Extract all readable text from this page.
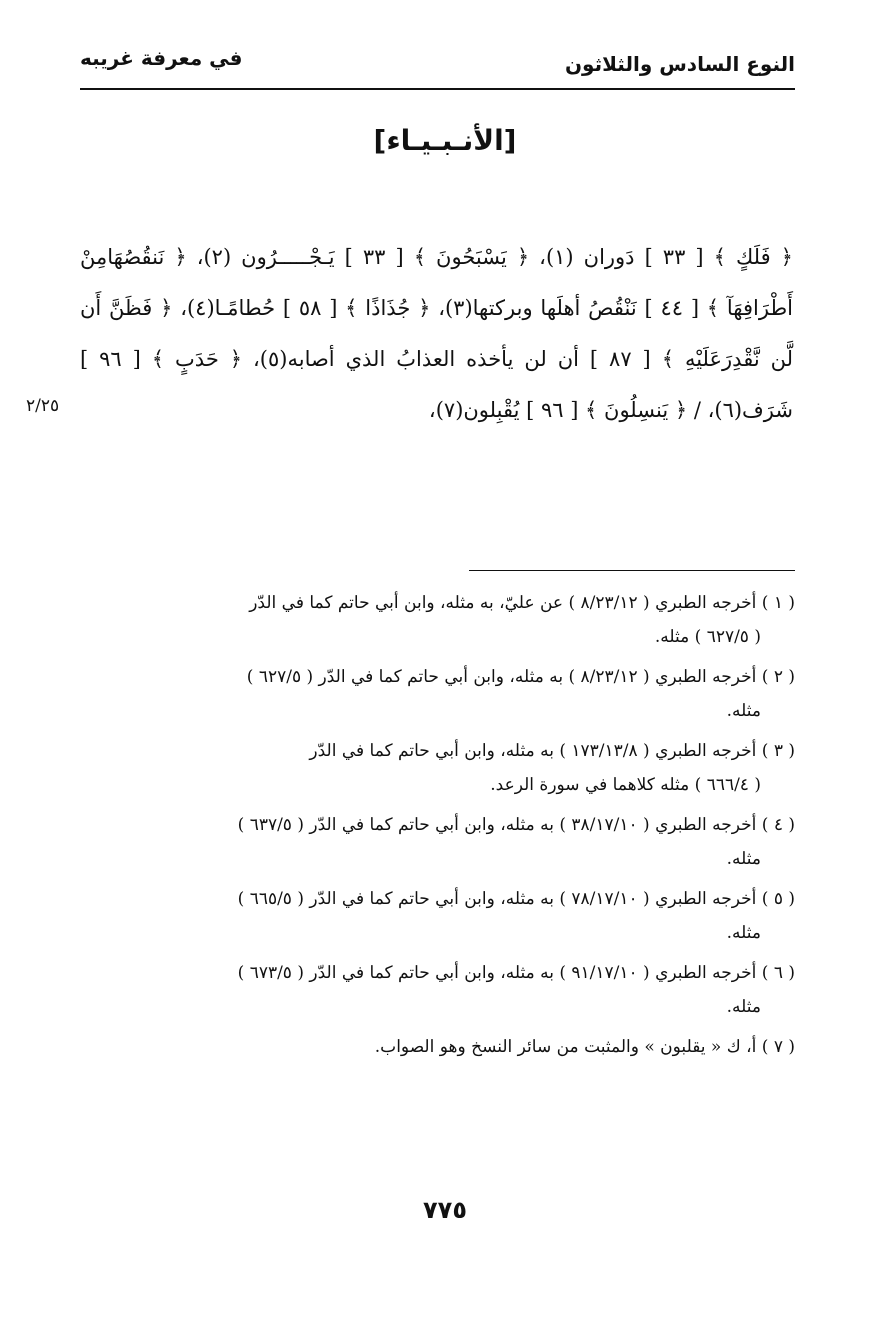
النوع السادس والثلاثون
في معرفة غريبه
[الأنـبـيـاء]
﴿ فَلَكٍ ﴾ [ ٣٣ ] دَوران (١)، ﴿ يَسْبَحُونَ ﴾ [ ٣٣ ] يَـجْـــــرُون (٢)، ﴿ نَنقُصُهَامِنْ أَطْرَافِهَآ ﴾ [ ٤٤ ] نَنْقُصُ أهلَها وبركتها(٣)، ﴿ جُذَاذًا ﴾ [ ٥٨ ] حُطامًـا(٤)، ﴿ فَظَنَّ أَن لَّن نَّقْدِرَعَلَيْهِ ﴾ [ ٨٧ ] أن لن يأخذه العذابُ الذي أصابه(٥)، ﴿ حَدَبٍ ﴾ [ ٩٦ ] شَرَف(٦)، / ﴿ يَنسِلُونَ ﴾ [ ٩٦ ] يُقْبِلون(٧)،
٢/٢٥
( ١ ) أخرجه الطبري ( ٨/٢٣/١٢ ) عن عليّ، به مثله، وابن أبي حاتم كما في الدّر
( ٦٢٧/٥ ) مثله.
( ٢ ) أخرجه الطبري ( ٨/٢٣/١٢ ) به مثله، وابن أبي حاتم كما في الدّر ( ٦٢٧/٥ )
مثله.
( ٣ ) أخرجه الطبري ( ١٧٣/١٣/٨ ) به مثله، وابن أبي حاتم كما في الدّر
( ٦٦٦/٤ ) مثله كلاهما في سورة الرعد.
( ٤ ) أخرجه الطبري ( ٣٨/١٧/١٠ ) به مثله، وابن أبي حاتم كما في الدّر ( ٦٣٧/٥ )
مثله.
( ٥ ) أخرجه الطبري ( ٧٨/١٧/١٠ ) به مثله، وابن أبي حاتم كما في الدّر ( ٦٦٥/٥ )
مثله.
( ٦ ) أخرجه الطبري ( ٩١/١٧/١٠ ) به مثله، وابن أبي حاتم كما في الدّر ( ٦٧٣/٥ )
مثله.
( ٧ ) أ، ك « يقلبون » والمثبت من سائر النسخ وهو الصواب.
٧٧٥
